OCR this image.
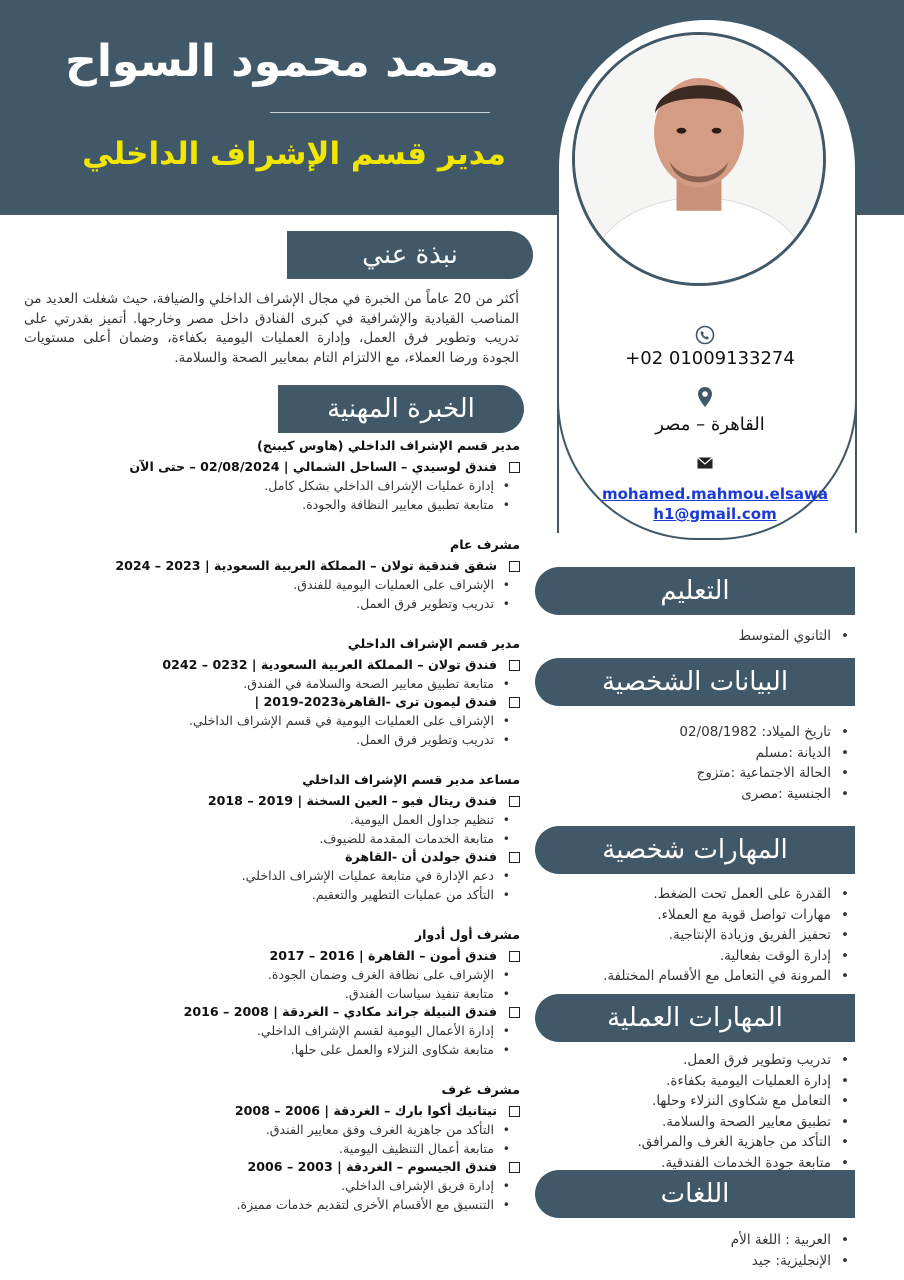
محمد محمود السواح
مدير قسم الإشراف الداخلي
+02 01009133274
القاهرة – مصر
mohamed.mahmou.elsawa
h1@gmail.com
نبذة عني
أكثر من 20 عاماً من الخبرة في مجال الإشراف الداخلي والضيافة، حيث شغلت العديد من المناصب القيادية والإشرافية في كبرى الفنادق داخل مصر وخارجها. أتميز بقدرتي على تدريب وتطوير فرق العمل، وإدارة العمليات اليومية بكفاءة، وضمان أعلى مستويات الجودة ورضا العملاء، مع الالتزام التام بمعايير الصحة والسلامة.
الخبرة المهنية
مدير قسم الإشراف الداخلي (هاوس كيبنج)
فندق لوسيدي – الساحل الشمالي | 02/08/2024 – حتى الآن
• إدارة عمليات الإشراف الداخلي بشكل كامل.
• متابعة تطبيق معايير النظافة والجودة.
مشرف عام
شقق فندقية تولان – المملكة العربية السعودية | 2023 – 2024
• الإشراف على العمليات اليومية للفندق.
• تدريب وتطوير فرق العمل.
مدير قسم الإشراف الداخلي
فندق تولان – المملكة العربية السعودية | 0232 – 0242
• متابعة تطبيق معايير الصحة والسلامة في الفندق.
فندق ليمون ترى -القاهرة2023-2019 |
• الإشراف على العمليات اليومية في قسم الإشراف الداخلي.
• تدريب وتطوير فرق العمل.
مساعد مدير قسم الإشراف الداخلي
فندق ريتال فيو – العين السخنة | 2019 – 2018
• تنظيم جداول العمل اليومية.
• متابعة الخدمات المقدمة للضيوف.
فندق جولدن أن -القاهرة
• دعم الإدارة في متابعة عمليات الإشراف الداخلي.
• التأكد من عمليات التطهير والتعقيم.
مشرف أول أدوار
فندق أمون – القاهرة | 2016 – 2017
• الإشراف على نظافة الغرف وضمان الجودة.
• متابعة تنفيذ سياسات الفندق.
فندق النبيلة جراند مكادي – الغردقة | 2008 – 2016
• إدارة الأعمال اليومية لقسم الإشراف الداخلي.
• متابعة شكاوى النزلاء والعمل على حلها.
مشرف غرف
تيتانيك أكوا بارك – الغردقة | 2006 – 2008
• التأكد من جاهزية الغرف وفق معايير الفندق.
• متابعة أعمال التنظيف اليومية.
فندق الجيسوم – الغردقة | 2003 – 2006
• إدارة فريق الإشراف الداخلي.
• التنسيق مع الأقسام الأخرى لتقديم خدمات مميزة.
التعليم
• الثانوي المتوسط
البيانات الشخصية
• تاريخ الميلاد: 02/08/1982
• الديانة :مسلم
• الحالة الاجتماعية :متزوج
• الجنسية :مصرى
المهارات شخصية
• القدرة على العمل تحت الضغط.
• مهارات تواصل قوية مع العملاء.
• تحفيز الفريق وزيادة الإنتاجية.
• إدارة الوقت بفعالية.
• المرونة في التعامل مع الأقسام المختلفة.
المهارات العملية
• تدريب وتطوير فرق العمل.
• إدارة العمليات اليومية بكفاءة.
• التعامل مع شكاوى النزلاء وحلها.
• تطبيق معايير الصحة والسلامة.
• التأكد من جاهزية الغرف والمرافق.
• متابعة جودة الخدمات الفندقية.
اللغات
• العربية : اللغة الأم
• الإنجليزية: جيد
